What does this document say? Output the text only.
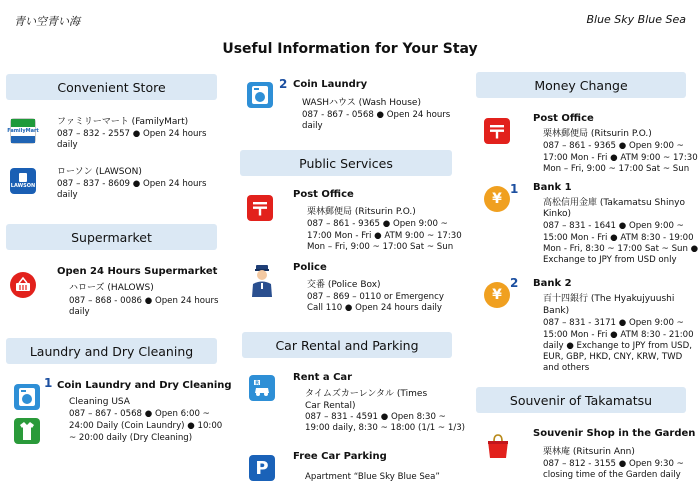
青い空青い海	Blue Sky Blue Sea
Useful Information for Your Stay
Convenient Store
FamilyMart
ファミリーマート (FamilyMart)
087 – 832 - 2557 ● Open 24 hours
daily
LAWSON
ローソン (LAWSON)
087 – 837 - 8609 ● Open 24 hours
daily
Supermarket
Open 24 Hours Supermarket
ハローズ (HALOWS)
087 – 868 - 0086 ● Open 24 hours
daily
Laundry and Dry Cleaning
1 Coin Laundry and Dry Cleaning
Cleaning USA
087 – 867 - 0568 ● Open 6:00 ~
24:00 Daily (Coin Laundry) ● 10:00
~ 20:00 daily (Dry Cleaning)
2 Coin Laundry
WASHハウス (Wash House)
087 - 867 - 0568 ● Open 24 hours
daily
Public Services
Post Office
栗林郵便局 (Ritsurin P.O.)
087 – 861 - 9365 ● Open 9:00 ~
17:00 Mon - Fri ● ATM 9:00 ~ 17:30
Mon – Fri, 9:00 ~ 17:00 Sat ~ Sun
Police
交番 (Police Box)
087 – 869 – 0110 or Emergency
Call 110 ● Open 24 hours daily
Car Rental and Parking
R
Rent a Car
タイムズカーレンタル (Times
Car Rental)
087 – 831 - 4591 ● Open 8:30 ~
19:00 daily, 8:30 ~ 18:00 (1/1 ~ 1/3)
P
Free Car Parking
Apartment “Blue Sky Blue Sea”
Money Change
Post Office
栗林郵便局 (Ritsurin P.O.)
087 – 861 - 9365 ● Open 9:00 ~
17:00 Mon - Fri ● ATM 9:00 ~ 17:30
Mon – Fri, 9:00 ~ 17:00 Sat ~ Sun
¥
1 Bank 1
高松信用金庫 (Takamatsu Shinyo
Kinko)
087 – 831 - 1641 ● Open 9:00 ~
15:00 Mon - Fri ● ATM 8:30 - 19:00
Mon - Fri, 8:30 ~ 17:00 Sat ~ Sun ●
Exchange to JPY from USD only
¥
2 Bank 2
百十四銀行 (The Hyakujyuushi
Bank)
087 – 831 - 3171 ● Open 9:00 ~
15:00 Mon - Fri ● ATM 8:30 - 21:00
daily ● Exchange to JPY from USD,
EUR, GBP, HKD, CNY, KRW, TWD
and others
Souvenir of Takamatsu
Souvenir Shop in the Garden
栗林庵 (Ritsurin Ann)
087 – 812 - 3155 ● Open 9:30 ~
closing time of the Garden daily
